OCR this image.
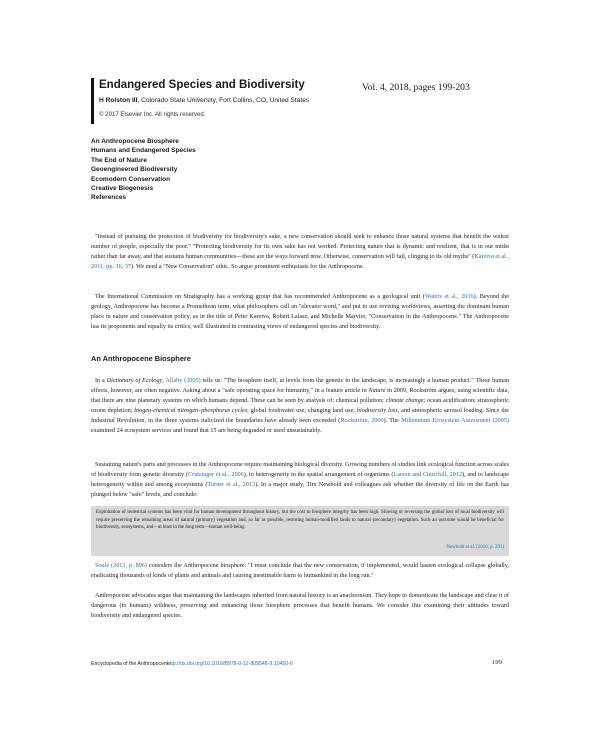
Endangered Species and Biodiversity
H Rolston III, Colorado State University, Fort Collins, CO, United States
© 2017 Elsevier Inc. All rights reserved.
Vol. 4, 2018, pages 199-203
An Anthropocene Biosphere
Humans and Endangered Species
The End of Nature
Geoengineered Biodiversity
Ecomodern Conservation
Creative Biogenesis
References
"Instead of pursuing the protection of biodiversity for biodiversity's sake, a new conservation should seek to enhance those natural systems that benefit the widest number of people, especially the poor." "Protecting biodiversity for its own sake has not worked. Protecting nature that is dynamic and resilient, that is in our midst rather than far away, and that sustains human communities—these are the ways forward now. Otherwise, conservation will fail, clinging to its old myths" (Kareiva et al., 2011, pp. 36, 37). We need a "New Conservation" ethic. So argue prominent enthusiasts for the Anthropocene.
The International Commission on Stratigraphy has a working group that has recommended Anthropocene as a geological unit (Waters et al., 2016). Beyond the geology, Anthropocene has become a Promethean term, what philosophers call an "elevator word," and put to use revising worldviews, asserting the dominant human place in nature and conservation policy, as in the title of Peter Kareiva, Robert Lalasz, and Michelle Marvier, "Conservation in the Anthropocene." The Anthropocene has its proponents and equally its critics, well illustrated in contrasting views of endangered species and biodiversity.
An Anthropocene Biosphere
In a Dictionary of Ecology, Allaby (2005) tells us: "The biosphere itself, at levels from the genetic to the landscape, is increasingly a human product." These human effects, however, are often negative. Asking about a "safe operating space for humanity," in a feature article in Nature in 2009, Rockström argues, using scientific data, that there are nine planetary systems on which humans depend. These can be seen by analysis of: chemical pollution; climate change; ocean acidification; stratospheric ozone depletion; biogeo-chemical nitrogen–phosphorus cycles; global freshwater use; changing land use; biodiversity loss, and atmospheric aerosol loading. Since the Industrial Revolution, in the three systems italicized the boundaries have already been exceeded (Rockström, 2009). The Millennium Ecosystem Assessment (2005) examined 24 ecosystem services and found that 15 are being degraded or used unsustainably.
Sustaining nature's parts and processes in the Anthropocene require maintaining biological diversity. Growing numbers of studies link ecological function across scales of biodiversity from genetic diversity (Crutsinger et al., 2006), to heterogeneity in the spatial arrangement of organisms (Larson and Churchill, 2012), and to landscape heterogeneity within and among ecosystems (Turner et al., 2013). In a major study, Tim Newbold and colleagues ask whether the diversity of life on the Earth has plunged below "safe" levels, and conclude:
Exploitation of terrestrial systems has been vital for human development throughout history, but the cost to biosphere integrity has been high. Slowing or reversing the global loss of local biodiversity will require preserving the remaining areas of natural (primary) vegetation and, so far as possible, restoring human-modified lands to natural (secondary) vegetation. Such an outcome would be beneficial for biodiversity, ecosystems, and—at least in the long term—human well-being.
Newbold et al. (2016, p. 291)
Soulé (2013, p. 896) considers the Anthropocene biosphere: "I must conclude that the new conservation, if implemented, would hasten ecological collapse globally, eradicating thousands of kinds of plants and animals and causing inestimable harm to humankind in the long run."
Anthropocene advocates argue that maintaining the landscapes inherited from natural history is an anachronism. They hope to domesticate the landscape and clear it of dangerous (to humans) wildness, preserving and enhancing those biosphere processes that benefit humans. We consider this examining their attitudes toward biodiversity and endangered species.
Encyclopedia of the Anthropocene
http://dx.doi.org/10.1016/B978-0-12-809548-9.10450-6	199
